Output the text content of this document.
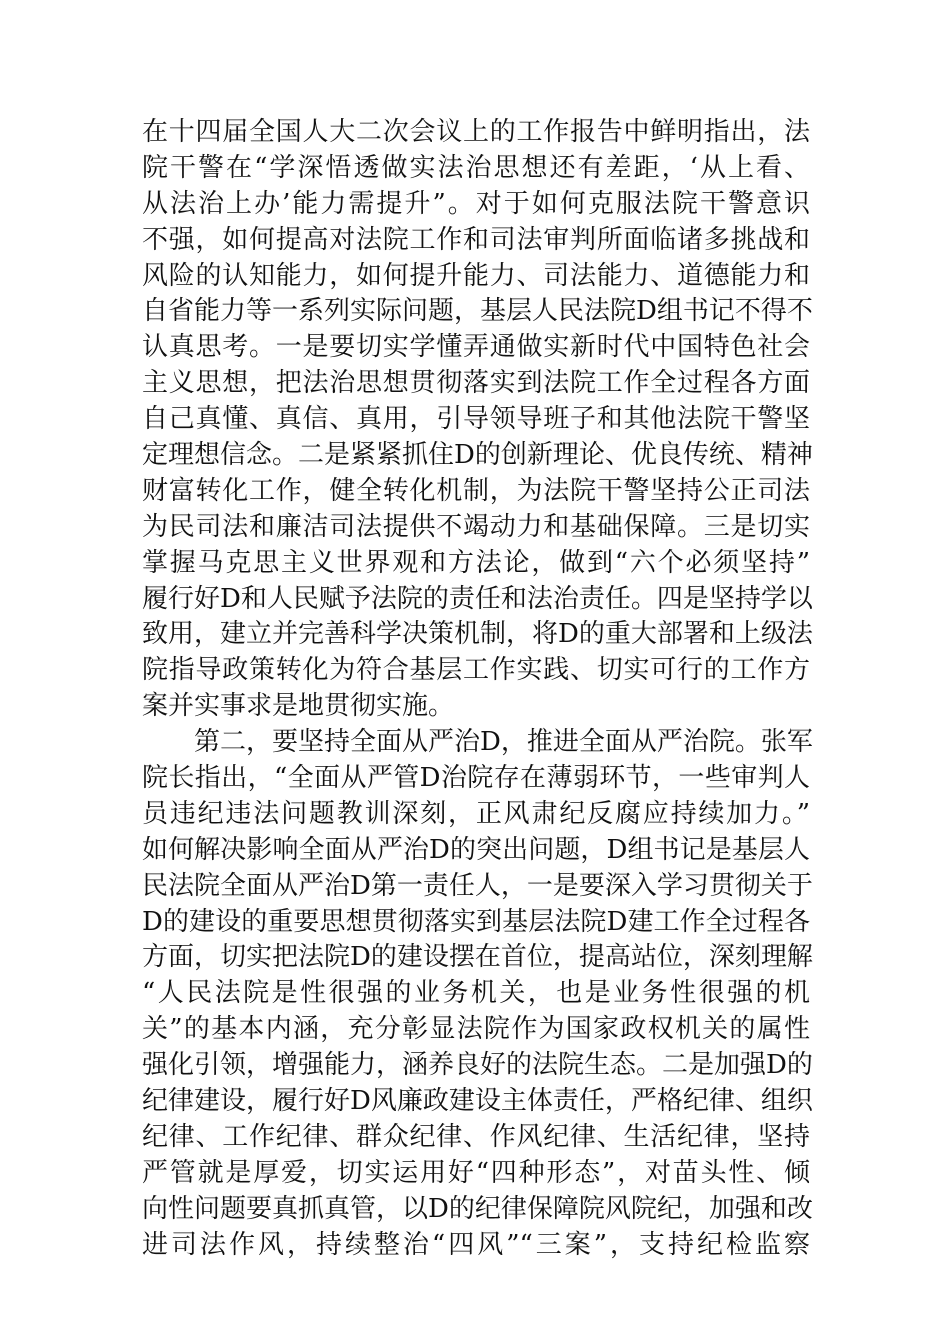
在十四届全国人大二次会议上的工作报告中鲜明指出，法
院干警在“学深悟透做实法治思想还有差距，‘从上看、
从法治上办’能力需提升”。对于如何克服法院干警意识
不强，如何提高对法院工作和司法审判所面临诸多挑战和
风险的认知能力，如何提升能力、司法能力、道德能力和
自省能力等一系列实际问题，基层人民法院D组书记不得不
认真思考。一是要切实学懂弄通做实新时代中国特色社会
主义思想，把法治思想贯彻落实到法院工作全过程各方面
自己真懂、真信、真用，引导领导班子和其他法院干警坚
定理想信念。二是紧紧抓住D的创新理论、优良传统、精神
财富转化工作，健全转化机制，为法院干警坚持公正司法
为民司法和廉洁司法提供不竭动力和基础保障。三是切实
掌握马克思主义世界观和方法论，做到“六个必须坚持”
履行好D和人民赋予法院的责任和法治责任。四是坚持学以
致用，建立并完善科学决策机制，将D的重大部署和上级法
院指导政策转化为符合基层工作实践、切实可行的工作方
案并实事求是地贯彻实施。
第二，要坚持全面从严治D，推进全面从严治院。张军
院长指出，“全面从严管D治院存在薄弱环节，一些审判人
员违纪违法问题教训深刻，正风肃纪反腐应持续加力。”
如何解决影响全面从严治D的突出问题，D组书记是基层人
民法院全面从严治D第一责任人，一是要深入学习贯彻关于
D的建设的重要思想贯彻落实到基层法院D建工作全过程各
方面，切实把法院D的建设摆在首位，提高站位，深刻理解
“人民法院是性很强的业务机关，也是业务性很强的机
关”的基本内涵，充分彰显法院作为国家政权机关的属性
强化引领，增强能力，涵养良好的法院生态。二是加强D的
纪律建设，履行好D风廉政建设主体责任，严格纪律、组织
纪律、工作纪律、群众纪律、作风纪律、生活纪律，坚持
严管就是厚爱，切实运用好“四种形态”，对苗头性、倾
向性问题要真抓真管，以D的纪律保障院风院纪，加强和改
进司法作风，持续整治“四风”“三案”，支持纪检监察
